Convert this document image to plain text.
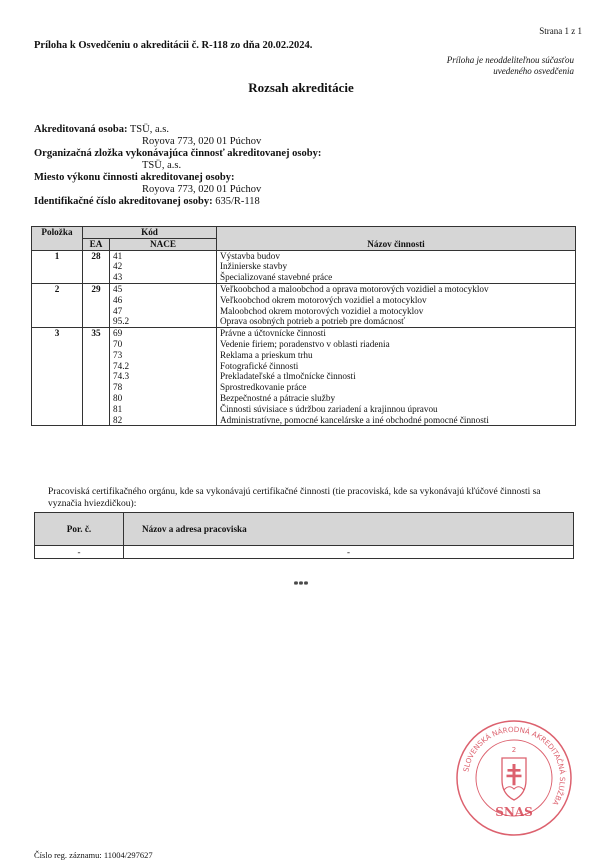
Strana 1 z 1
Príloha k Osvedčeniu o akreditácii č. R-118 zo dňa 20.02.2024.
Príloha je neoddeliteľnou súčasťou
uvedeného osvedčenia
Rozsah akreditácie
Akreditovaná osoba: TSÜ, a.s.
Royova 773, 020 01 Púchov
Organizačná zložka vykonávajúca činnosť akreditovanej osoby:
TSÜ, a.s.
Miesto výkonu činnosti akreditovanej osoby:
Royova 773, 020 01 Púchov
Identifikačné číslo akreditovanej osoby: 635/R-118
Položka	Kód		Názov činnosti
	EA	NACE	
1	28	41	Výstavba budov
		42	Inžinierske stavby
		43	Špecializované stavebné práce
2	29	45	Veľkoobchod a maloobchod a oprava motorových vozidiel a motocyklov
		46	Veľkoobchod okrem motorových vozidiel a motocyklov
		47	Maloobchod okrem motorových vozidiel a motocyklov
		95.2	Oprava osobných potrieb a potrieb pre domácnosť
3	35	69	Právne a účtovnícke činnosti
		70	Vedenie firiem; poradenstvo v oblasti riadenia
		73	Reklama a prieskum trhu
		74.2	Fotografické činnosti
		74.3	Prekladateľské a tlmočnícke činnosti
		78	Sprostredkovanie práce
		80	Bezpečnostné a pátracie služby
		81	Činnosti súvisiace s údržbou zariadení a krajinnou úpravou
		82	Administratívne, pomocné kancelárske a iné obchodné pomocné činnosti
Pracoviská certifikačného orgánu, kde sa vykonávajú certifikačné činnosti (tie pracoviská, kde sa vykonávajú kľúčové činnosti sa vyznačia hviezdičkou):
Por. č.	Názov a adresa pracoviska
-	-
***
SLOVENSKÁ NÁRODNÁ AKREDITAČNÁ SLUŽBA
2
SNAS
Číslo reg. záznamu: 11004/297627
